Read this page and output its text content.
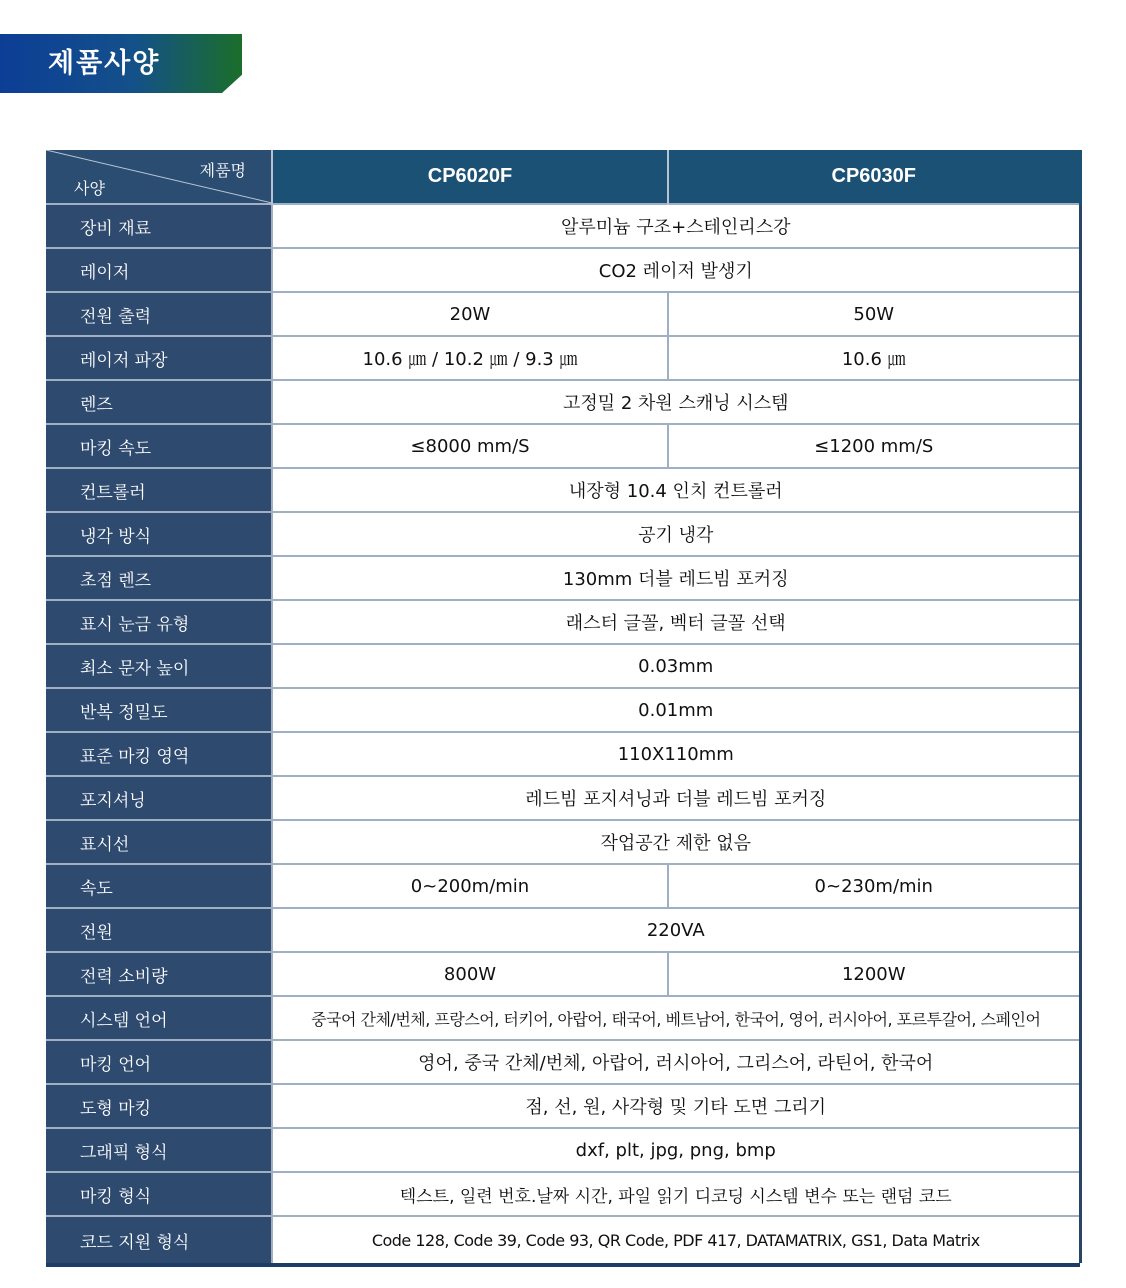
제품사양
제품명
사양	CP6020F	CP6030F
장비 재료	알루미늄 구조+스테인리스강	
레이저	CO2 레이저 발생기	
전원 출력	20W	50W
레이저 파장	10.6 ㎛ / 10.2 ㎛ / 9.3 ㎛	10.6 ㎛
렌즈	고정밀 2 차원 스캐닝 시스템	
마킹 속도	≤8000 mm/S	≤1200 mm/S
컨트롤러	내장형 10.4 인치 컨트롤러	
냉각 방식	공기 냉각	
초점 렌즈	130mm 더블 레드빔 포커징	
표시 눈금 유형	래스터 글꼴, 벡터 글꼴 선택	
최소 문자 높이	0.03mm	
반복 정밀도	0.01mm	
표준 마킹 영역	110X110mm	
포지셔닝	레드빔 포지셔닝과 더블 레드빔 포커징	
표시선	작업공간 제한 없음	
속도	0~200m/min	0~230m/min
전원	220VA	
전력 소비량	800W	1200W
시스템 언어	중국어 간체/번체, 프랑스어, 터키어, 아랍어, 태국어, 베트남어, 한국어, 영어, 러시아어, 포르투갈어, 스페인어	
마킹 언어	영어, 중국 간체/번체, 아랍어, 러시아어, 그리스어, 라틴어, 한국어	
도형 마킹	점, 선, 원, 사각형 및 기타 도면 그리기	
그래픽 형식	dxf, plt, jpg, png, bmp	
마킹 형식	텍스트, 일련 번호.날짜 시간, 파일 읽기 디코딩 시스템 변수 또는 랜덤 코드	
코드 지원 형식	Code 128, Code 39, Code 93, QR Code, PDF 417, DATAMATRIX, GS1, Data Matrix	
